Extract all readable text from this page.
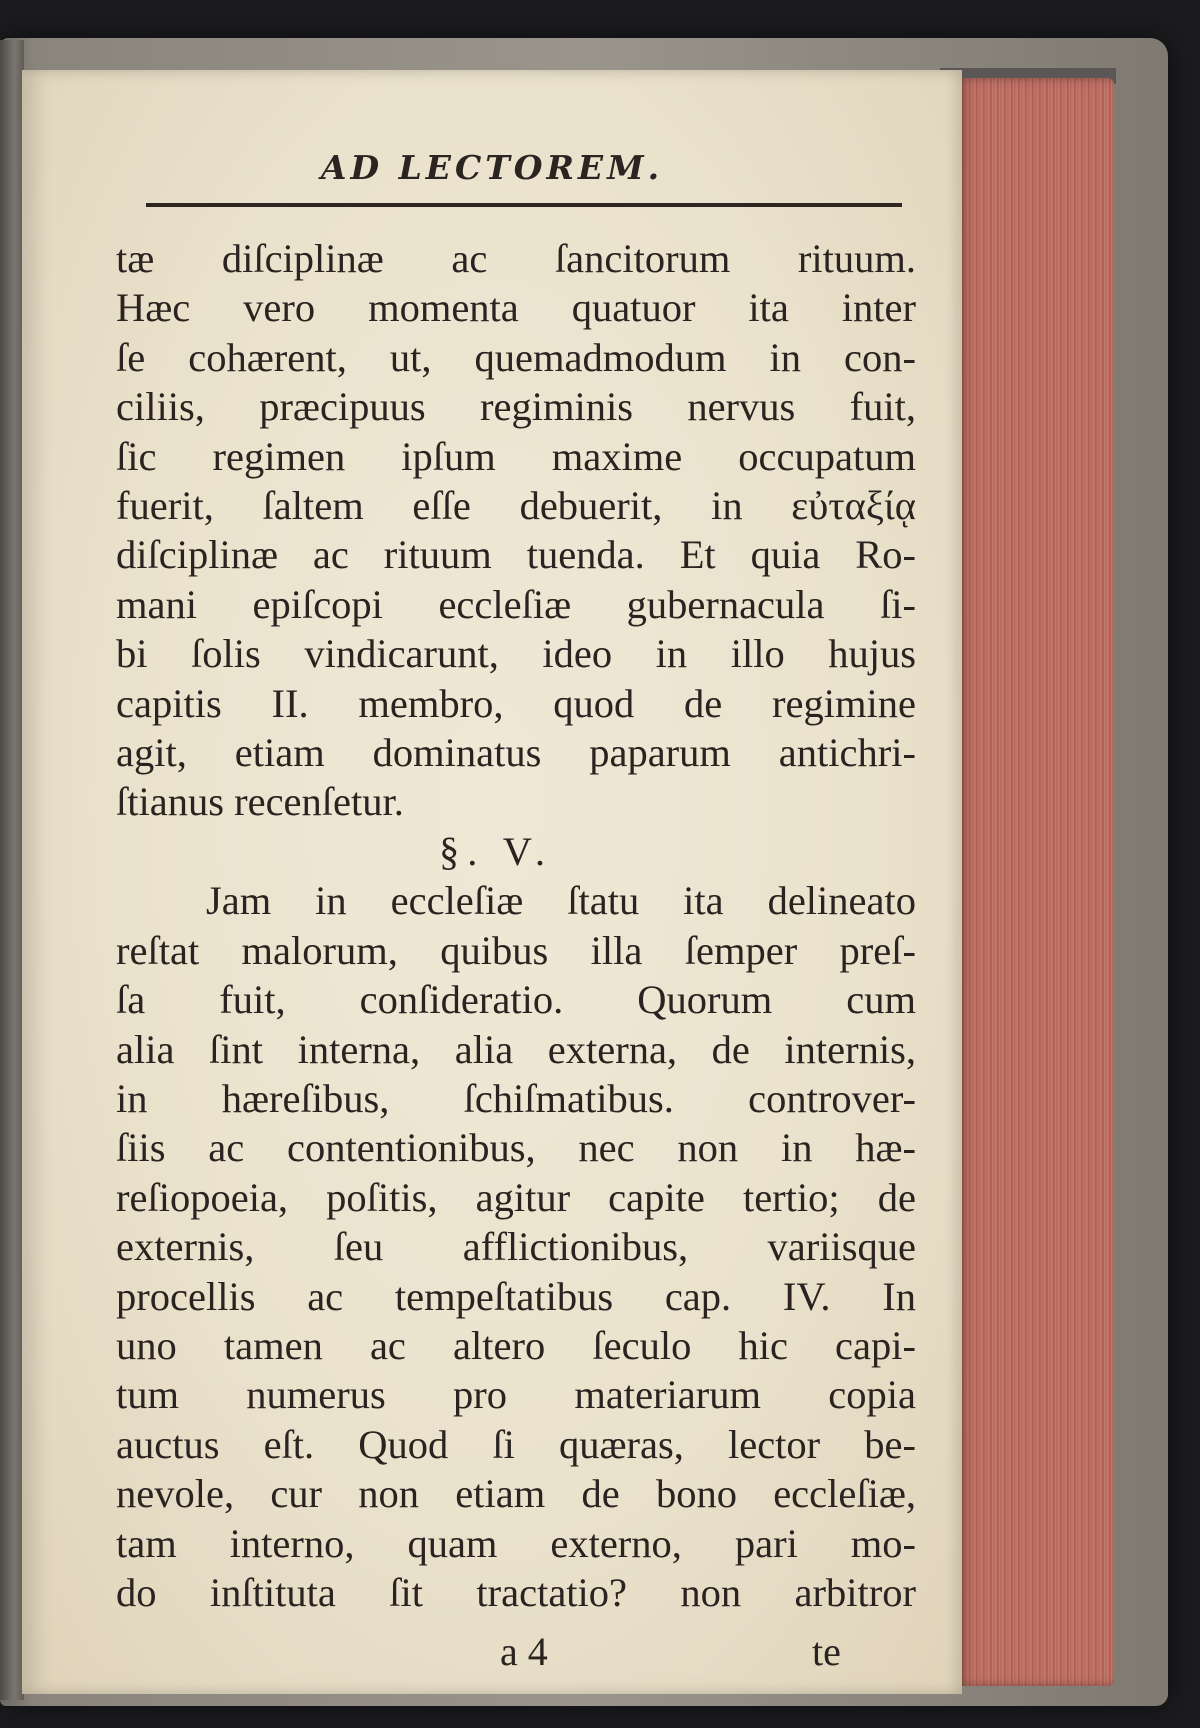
AD LECTOREM.
tæ diſciplinæ ac ſancitorum rituum.
Hæc vero momenta quatuor ita inter
ſe cohærent, ut, quemadmodum in con-
ciliis, præcipuus regiminis nervus fuit,
ſic regimen ipſum maxime occupatum
fuerit, ſaltem eſſe debuerit, in εὐταξίᾳ
diſciplinæ ac rituum tuenda. Et quia Ro-
mani epiſcopi eccleſiæ gubernacula ſi-
bi ſolis vindicarunt, ideo in illo hujus
capitis II. membro, quod de regimine
agit, etiam dominatus paparum antichri-
ſtianus recenſetur.
§. V.
Jam in eccleſiæ ſtatu ita delineato
reſtat malorum, quibus illa ſemper preſ-
ſa fuit, conſideratio. Quorum cum
alia ſint interna, alia externa, de internis,
in hæreſibus, ſchiſmatibus. controver-
ſiis ac contentionibus, nec non in hæ-
reſiopoeia, poſitis, agitur capite tertio; de
externis, ſeu afflictionibus, variisque
procellis ac tempeſtatibus cap. IV. In
uno tamen ac altero ſeculo hic capi-
tum numerus pro materiarum copia
auctus eſt. Quod ſi quæras, lector be-
nevole, cur non etiam de bono eccleſiæ,
tam interno, quam externo, pari mo-
do inſtituta ſit tractatio? non arbitror
a 4	te
